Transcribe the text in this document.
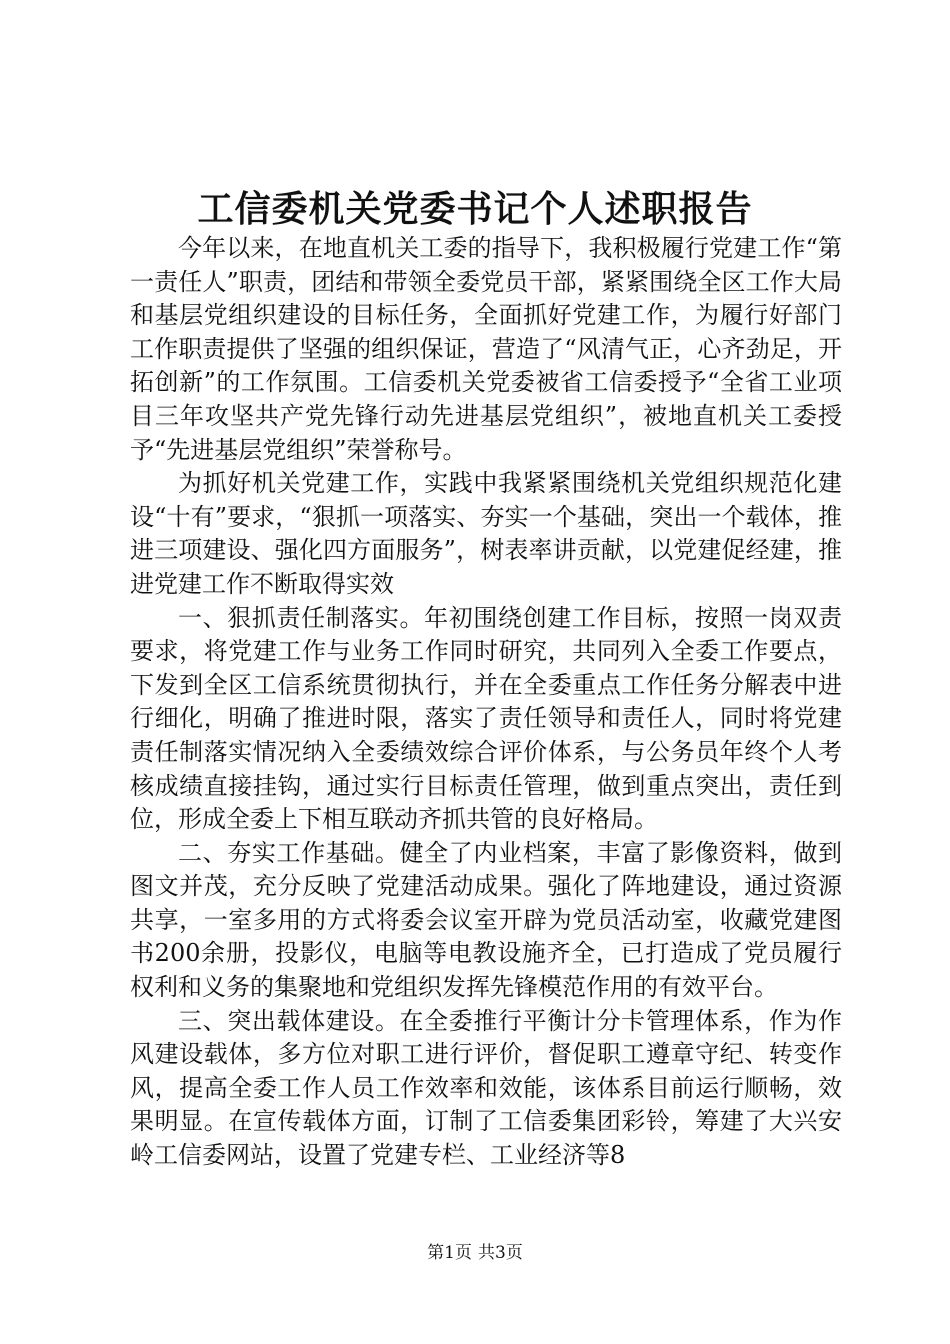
工信委机关党委书记个人述职报告

今年以来，在地直机关工委的指导下，我积极履行党建工作“第一责任人”职责，团结和带领全委党员干部，紧紧围绕全区工作大局和基层党组织建设的目标任务，全面抓好党建工作，为履行好部门工作职责提供了坚强的组织保证，营造了“风清气正，心齐劲足，开拓创新”的工作氛围。工信委机关党委被省工信委授予“全省工业项目三年攻坚共产党先锋行动先进基层党组织”，被地直机关工委授予“先进基层党组织”荣誉称号。

为抓好机关党建工作，实践中我紧紧围绕机关党组织规范化建设“十有”要求，“狠抓一项落实、夯实一个基础，突出一个载体，推进三项建设、强化四方面服务”，树表率讲贡献，以党建促经建，推进党建工作不断取得实效

一、狠抓责任制落实。年初围绕创建工作目标，按照一岗双责要求，将党建工作与业务工作同时研究，共同列入全委工作要点，下发到全区工信系统贯彻执行，并在全委重点工作任务分解表中进行细化，明确了推进时限，落实了责任领导和责任人，同时将党建责任制落实情况纳入全委绩效综合评价体系，与公务员年终个人考核成绩直接挂钩，通过实行目标责任管理，做到重点突出，责任到位，形成全委上下相互联动齐抓共管的良好格局。

二、夯实工作基础。健全了内业档案，丰富了影像资料，做到图文并茂，充分反映了党建活动成果。强化了阵地建设，通过资源共享，一室多用的方式将委会议室开辟为党员活动室，收藏党建图书200余册，投影仪，电脑等电教设施齐全，已打造成了党员履行权利和义务的集聚地和党组织发挥先锋模范作用的有效平台。

三、突出载体建设。在全委推行平衡计分卡管理体系，作为作风建设载体，多方位对职工进行评价，督促职工遵章守纪、转变作风，提高全委工作人员工作效率和效能，该体系目前运行顺畅，效果明显。在宣传载体方面，订制了工信委集团彩铃，筹建了大兴安岭工信委网站，设置了党建专栏、工业经济等8

第1页 共3页
